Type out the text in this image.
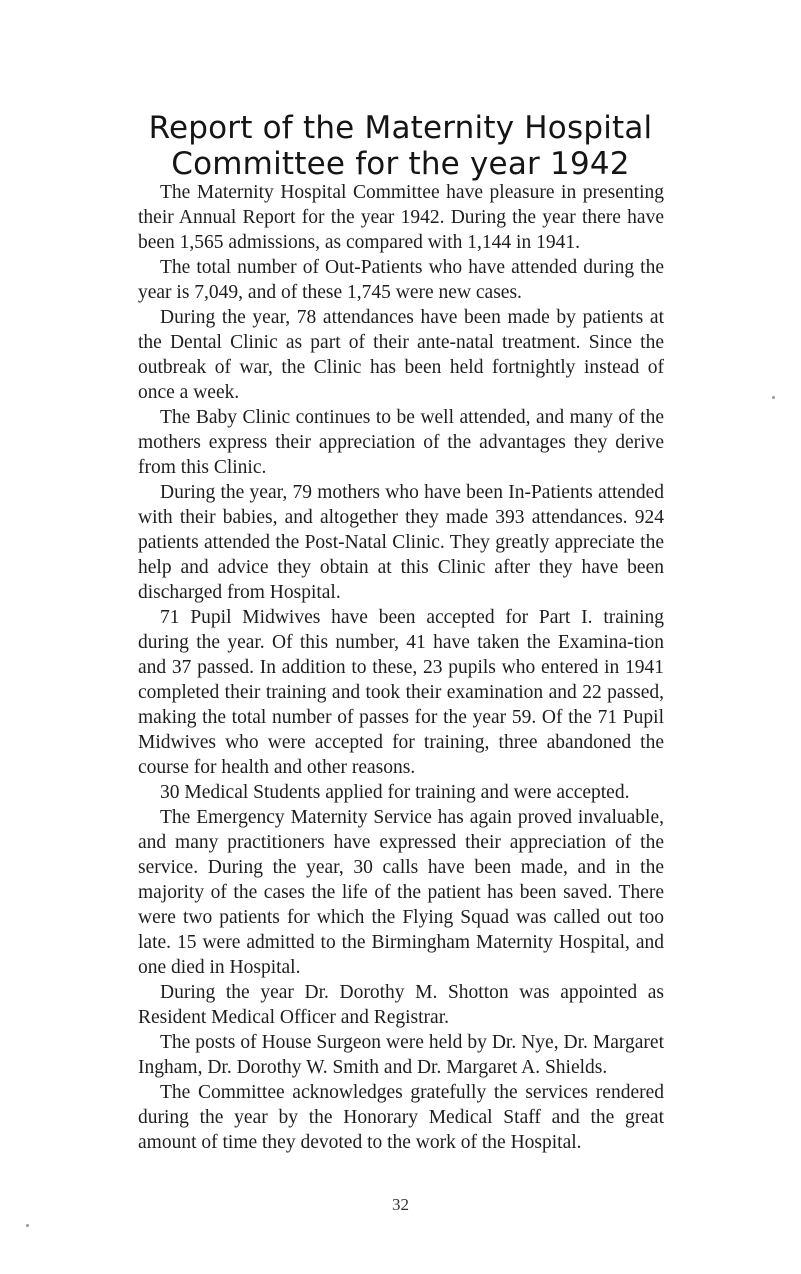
Report of the Maternity Hospital
Committee for the year 1942

The Maternity Hospital Committee have pleasure in presenting their Annual Report for the year 1942. During the year there have been 1,565 admissions, as compared with 1,144 in 1941.

The total number of Out-Patients who have attended during the year is 7,049, and of these 1,745 were new cases.

During the year, 78 attendances have been made by patients at the Dental Clinic as part of their ante-natal treatment. Since the outbreak of war, the Clinic has been held fortnightly instead of once a week.

The Baby Clinic continues to be well attended, and many of the mothers express their appreciation of the advantages they derive from this Clinic.

During the year, 79 mothers who have been In-Patients attended with their babies, and altogether they made 393 attendances. 924 patients attended the Post-Natal Clinic. They greatly appreciate the help and advice they obtain at this Clinic after they have been discharged from Hospital.

71 Pupil Midwives have been accepted for Part I. training during the year. Of this number, 41 have taken the Examina-tion and 37 passed. In addition to these, 23 pupils who entered in 1941 completed their training and took their examination and 22 passed, making the total number of passes for the year 59. Of the 71 Pupil Midwives who were accepted for training, three abandoned the course for health and other reasons.

30 Medical Students applied for training and were accepted.

The Emergency Maternity Service has again proved invaluable, and many practitioners have expressed their appreciation of the service. During the year, 30 calls have been made, and in the majority of the cases the life of the patient has been saved. There were two patients for which the Flying Squad was called out too late. 15 were admitted to the Birmingham Maternity Hospital, and one died in Hospital.

During the year Dr. Dorothy M. Shotton was appointed as Resident Medical Officer and Registrar.

The posts of House Surgeon were held by Dr. Nye, Dr. Margaret Ingham, Dr. Dorothy W. Smith and Dr. Margaret A. Shields.

The Committee acknowledges gratefully the services rendered during the year by the Honorary Medical Staff and the great amount of time they devoted to the work of the Hospital.

32
